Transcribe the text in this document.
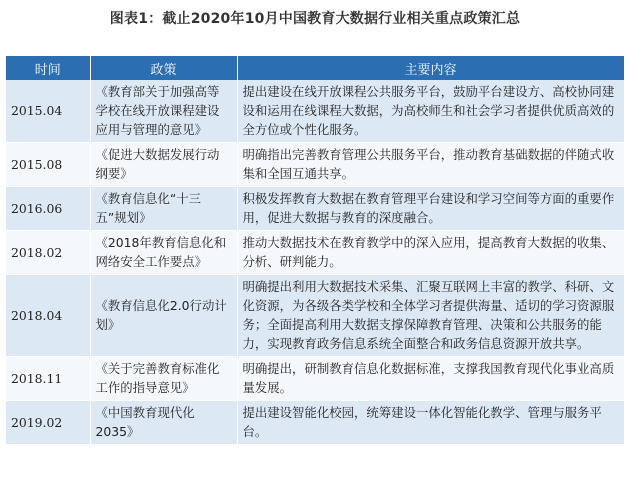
图表1：截止2020年10月中国教育大数据行业相关重点政策汇总
时间	政策	主要内容
2015.04	《教育部关于加强高等学校在线开放课程建设应用与管理的意见》	提出建设在线开放课程公共服务平台，鼓励平台建设方、高校协同建设和运用在线课程大数据，为高校师生和社会学习者提供优质高效的全方位或个性化服务。
2015.08	《促进大数据发展行动纲要》	明确指出完善教育管理公共服务平台，推动教育基础数据的伴随式收集和全国互通共享。
2016.06	《教育信息化“十三五”规划》	积极发挥教育大数据在教育管理平台建设和学习空间等方面的重要作用，促进大数据与教育的深度融合。
2018.02	《2018年教育信息化和网络安全工作要点》	推动大数据技术在教育教学中的深入应用，提高教育大数据的收集、分析、研判能力。
2018.04	《教育信息化2.0行动计划》	明确提出利用大数据技术采集、汇聚互联网上丰富的教学、科研、文化资源，为各级各类学校和全体学习者提供海量、适切的学习资源服务；全面提高利用大数据支撑保障教育管理、决策和公共服务的能力，实现教育政务信息系统全面整合和政务信息资源开放共享。
2018.11	《关于完善教育标准化工作的指导意见》	明确提出，研制教育信息化数据标准，支撑我国教育现代化事业高质量发展。
2019.02	《中国教育现代化2035》	提出建设智能化校园，统筹建设一体化智能化教学、管理与服务平台。
